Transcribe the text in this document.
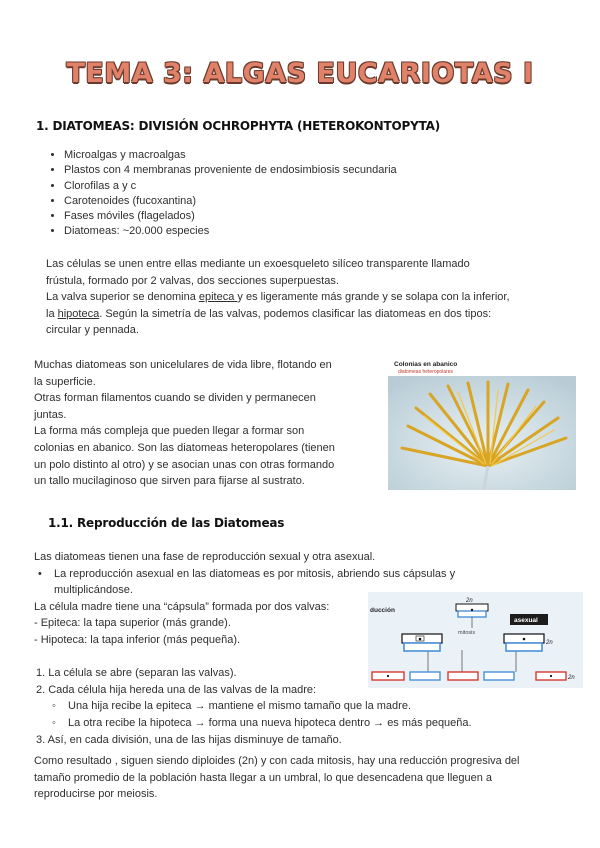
TEMA 3: ALGAS EUCARIOTAS I
1. DIATOMEAS: DIVISIÓN OCHROPHYTA (HETEROKONTOPYTA)
• Microalgas y macroalgas
• Plastos con 4 membranas proveniente de endosimbiosis secundaria
• Clorofilas a y c
• Carotenoides (fucoxantina)
• Fases móviles (flagelados)
• Diatomeas: ~20.000 especies
Las células se unen entre ellas mediante un exoesqueleto silíceo transparente llamado
frústula, formado por 2 valvas, dos secciones superpuestas.
La valva superior se denomina epiteca y es ligeramente más grande y se solapa con la inferior,
la hipoteca. Según la simetría de las valvas, podemos clasificar las diatomeas en dos tipos:
circular y pennada.
Muchas diatomeas son unicelulares de vida libre, flotando en
la superficie.
Otras forman filamentos cuando se dividen y permanecen
juntas.
La forma más compleja que pueden llegar a formar son
colonias en abanico. Son las diatomeas heteropolares (tienen
un polo distinto al otro) y se asocian unas con otras formando
un tallo mucilaginoso que sirven para fijarse al sustrato.
Colonias en abanico
diatomeas heteropolares
1.1. Reproducción de las Diatomeas
Las diatomeas tienen una fase de reproducción sexual y otra asexual.
•	La reproducción asexual en las diatomeas es por mitosis, abriendo sus cápsulas y
multiplicándose.
La célula madre tiene una “cápsula” formada por dos valvas:
- Epiteca: la tapa superior (más grande).
- Hipoteca: la tapa inferior (más pequeña).
1. La célula se abre (separan las valvas).
2. Cada célula hija hereda una de las valvas de la madre:
◦	Una hija recibe la epiteca → mantiene el mismo tamaño que la madre.
◦	La otra recibe la hipoteca → forma una nueva hipoteca dentro → es más pequeña.
3. Así, en cada división, una de las hijas disminuye de tamaño.
ducción
2n
asexual
mitosis
2n
2n
Como resultado , siguen siendo diploides (2n) y con cada mitosis, hay una reducción progresiva del
tamaño promedio de la población hasta llegar a un umbral, lo que desencadena que lleguen a
reproducirse por meiosis.
